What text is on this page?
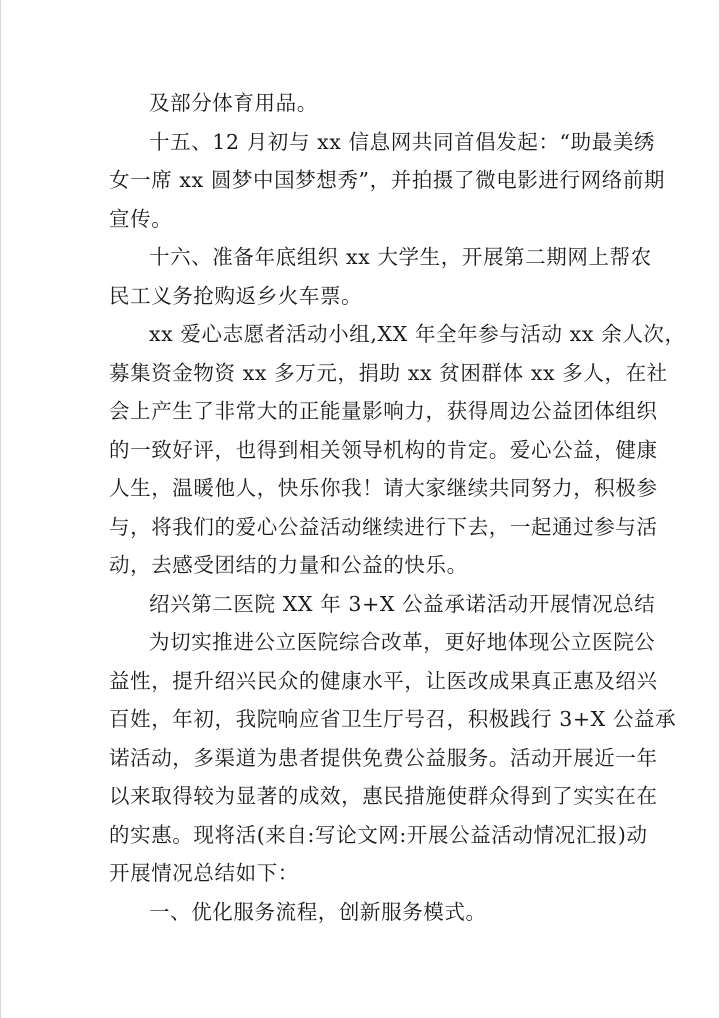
及部分体育用品。

十五、12 月初与 xx 信息网共同首倡发起：“助最美绣
女一席 xx 圆梦中国梦想秀”，并拍摄了微电影进行网络前期
宣传。

十六、准备年底组织 xx 大学生，开展第二期网上帮农
民工义务抢购返乡火车票。

xx 爱心志愿者活动小组,XX 年全年参与活动 xx 余人次，
募集资金物资 xx 多万元，捐助 xx 贫困群体 xx 多人，在社
会上产生了非常大的正能量影响力，获得周边公益团体组织
的一致好评，也得到相关领导机构的肯定。爱心公益，健康
人生，温暖他人，快乐你我！请大家继续共同努力，积极参
与，将我们的爱心公益活动继续进行下去，一起通过参与活
动，去感受团结的力量和公益的快乐。

绍兴第二医院 XX 年 3+X 公益承诺活动开展情况总结

为切实推进公立医院综合改革，更好地体现公立医院公
益性，提升绍兴民众的健康水平，让医改成果真正惠及绍兴
百姓，年初，我院响应省卫生厅号召，积极践行 3+X 公益承
诺活动，多渠道为患者提供免费公益服务。活动开展近一年
以来取得较为显著的成效，惠民措施使群众得到了实实在在
的实惠。现将活(来自:写论文网:开展公益活动情况汇报)动
开展情况总结如下：

一、优化服务流程，创新服务模式。
